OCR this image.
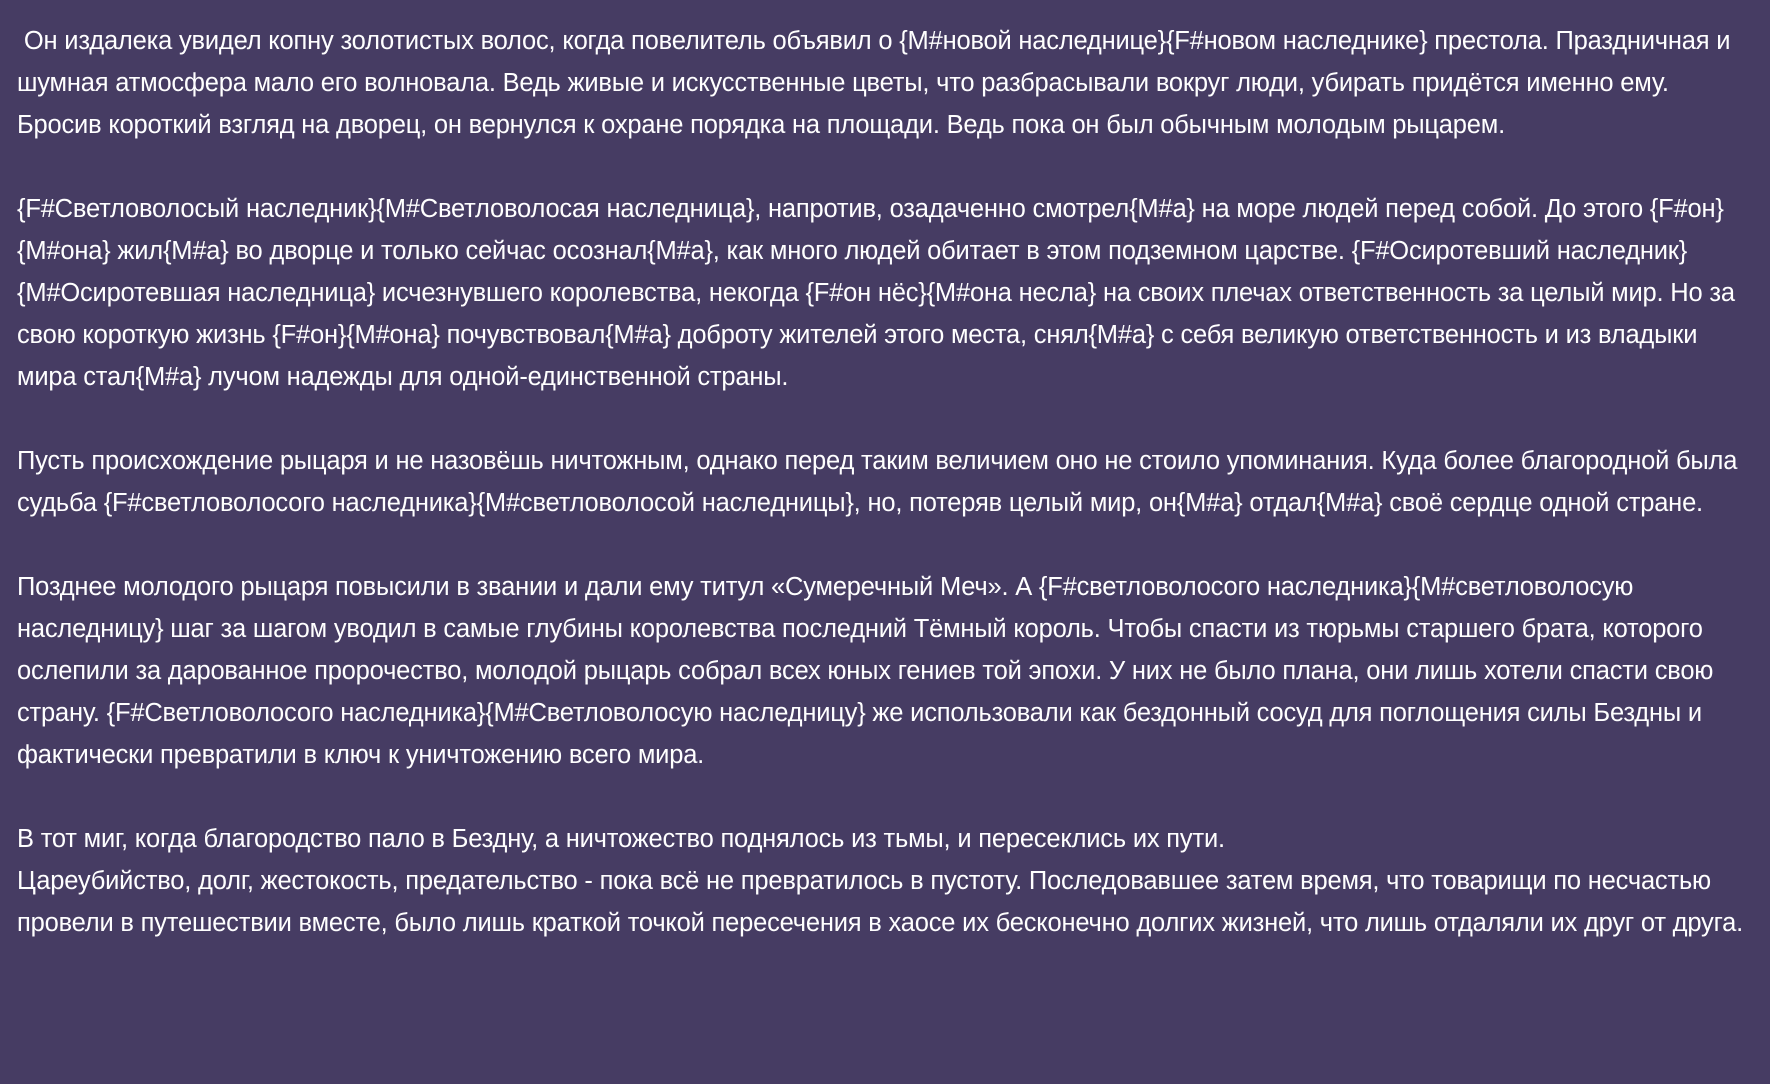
Он издалека увидел копну золотистых волос, когда повелитель объявил о {M#новой наследнице}{F#новом наследнике} престола. Праздничная и шумная атмосфера мало его волновала. Ведь живые и искусственные цветы, что разбрасывали вокруг люди, убирать придётся именно ему. Бросив короткий взгляд на дворец, он вернулся к охране порядка на площади. Ведь пока он был обычным молодым рыцарем.

{F#Светловолосый наследник}{M#Светловолосая наследница}, напротив, озадаченно смотрел{M#а} на море людей перед собой. До этого {F#он}{M#она} жил{M#а} во дворце и только сейчас осознал{M#а}, как много людей обитает в этом подземном царстве. {F#Осиротевший наследник}{M#Осиротевшая наследница} исчезнувшего королевства, некогда {F#он нёс}{M#она несла} на своих плечах ответственность за целый мир. Но за свою короткую жизнь {F#он}{M#она} почувствовал{M#а} доброту жителей этого места, снял{M#а} с себя великую ответственность и из владыки мира стал{M#а} лучом надежды для одной-единственной страны.

Пусть происхождение рыцаря и не назовёшь ничтожным, однако перед таким величием оно не стоило упоминания. Куда более благородной была судьба {F#светловолосого наследника}{M#светловолосой наследницы}, но, потеряв целый мир, он{M#а} отдал{M#а} своё сердце одной стране.

Позднее молодого рыцаря повысили в звании и дали ему титул «Сумеречный Меч». А {F#светловолосого наследника}{M#светловолосую наследницу} шаг за шагом уводил в самые глубины королевства последний Тёмный король. Чтобы спасти из тюрьмы старшего брата, которого ослепили за дарованное пророчество, молодой рыцарь собрал всех юных гениев той эпохи. У них не было плана, они лишь хотели спасти свою страну. {F#Светловолосого наследника}{M#Светловолосую наследницу} же использовали как бездонный сосуд для поглощения силы Бездны и фактически превратили в ключ к уничтожению всего мира.

В тот миг, когда благородство пало в Бездну, а ничтожество поднялось из тьмы, и пересеклись их пути.
Цареубийство, долг, жестокость, предательство - пока всё не превратилось в пустоту. Последовавшее затем время, что товарищи по несчастью провели в путешествии вместе, было лишь краткой точкой пересечения в хаосе их бесконечно долгих жизней, что лишь отдаляли их друг от друга.
